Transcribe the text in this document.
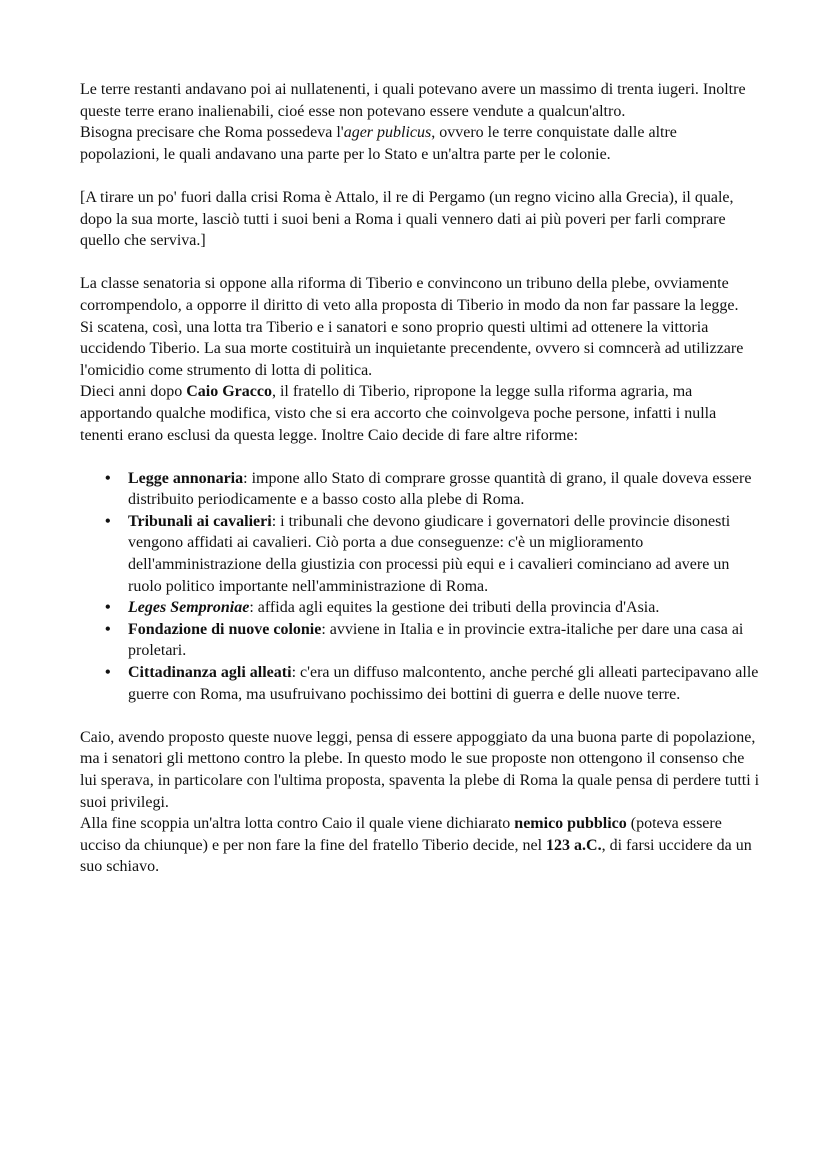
Le terre restanti andavano poi ai nullatenenti, i quali potevano avere un massimo di trenta iugeri. Inoltre queste terre erano inalienabili, cioé esse non potevano essere vendute a qualcun'altro.

Bisogna precisare che Roma possedeva l'ager publicus, ovvero le terre conquistate dalle altre popolazioni, le quali andavano una parte per lo Stato e un'altra parte per le colonie.

[A tirare un po' fuori dalla crisi Roma è Attalo, il re di Pergamo (un regno vicino alla Grecia), il quale, dopo la sua morte, lasciò tutti i suoi beni a Roma i quali vennero dati ai più poveri per farli comprare quello che serviva.]

La classe senatoria si oppone alla riforma di Tiberio e convincono un tribuno della plebe, ovviamente corrompendolo, a opporre il diritto di veto alla proposta di Tiberio in modo da non far passare la legge.

Si scatena, così, una lotta tra Tiberio e i sanatori e sono proprio questi ultimi ad ottenere la vittoria uccidendo Tiberio. La sua morte costituirà un inquietante precendente, ovvero si comncerà ad utilizzare l'omicidio come strumento di lotta di politica.

Dieci anni dopo Caio Gracco, il fratello di Tiberio, ripropone la legge sulla riforma agraria, ma apportando qualche modifica, visto che si era accorto che coinvolgeva poche persone, infatti i nulla tenenti erano esclusi da questa legge. Inoltre Caio decide di fare altre riforme:

• Legge annonaria: impone allo Stato di comprare grosse quantità di grano, il quale doveva essere distribuito periodicamente e a basso costo alla plebe di Roma.
• Tribunali ai cavalieri: i tribunali che devono giudicare i governatori delle provincie disonesti vengono affidati ai cavalieri. Ciò porta a due conseguenze: c'è un miglioramento dell'amministrazione della giustizia con processi più equi e i cavalieri cominciano ad avere un ruolo politico importante nell'amministrazione di Roma.
• Leges Semproniae: affida agli equites la gestione dei tributi della provincia d'Asia.
• Fondazione di nuove colonie: avviene in Italia e in provincie extra-italiche per dare una casa ai proletari.
• Cittadinanza agli alleati: c'era un diffuso malcontento, anche perché gli alleati partecipavano alle guerre con Roma, ma usufruivano pochissimo dei bottini di guerra e delle nuove terre.

Caio, avendo proposto queste nuove leggi, pensa di essere appoggiato da una buona parte di popolazione, ma i senatori gli mettono contro la plebe. In questo modo le sue proposte non ottengono il consenso che lui sperava, in particolare con l'ultima proposta, spaventa la plebe di Roma la quale pensa di perdere tutti i suoi privilegi.

Alla fine scoppia un'altra lotta contro Caio il quale viene dichiarato nemico pubblico (poteva essere ucciso da chiunque) e per non fare la fine del fratello Tiberio decide, nel 123 a.C., di farsi uccidere da un suo schiavo.
